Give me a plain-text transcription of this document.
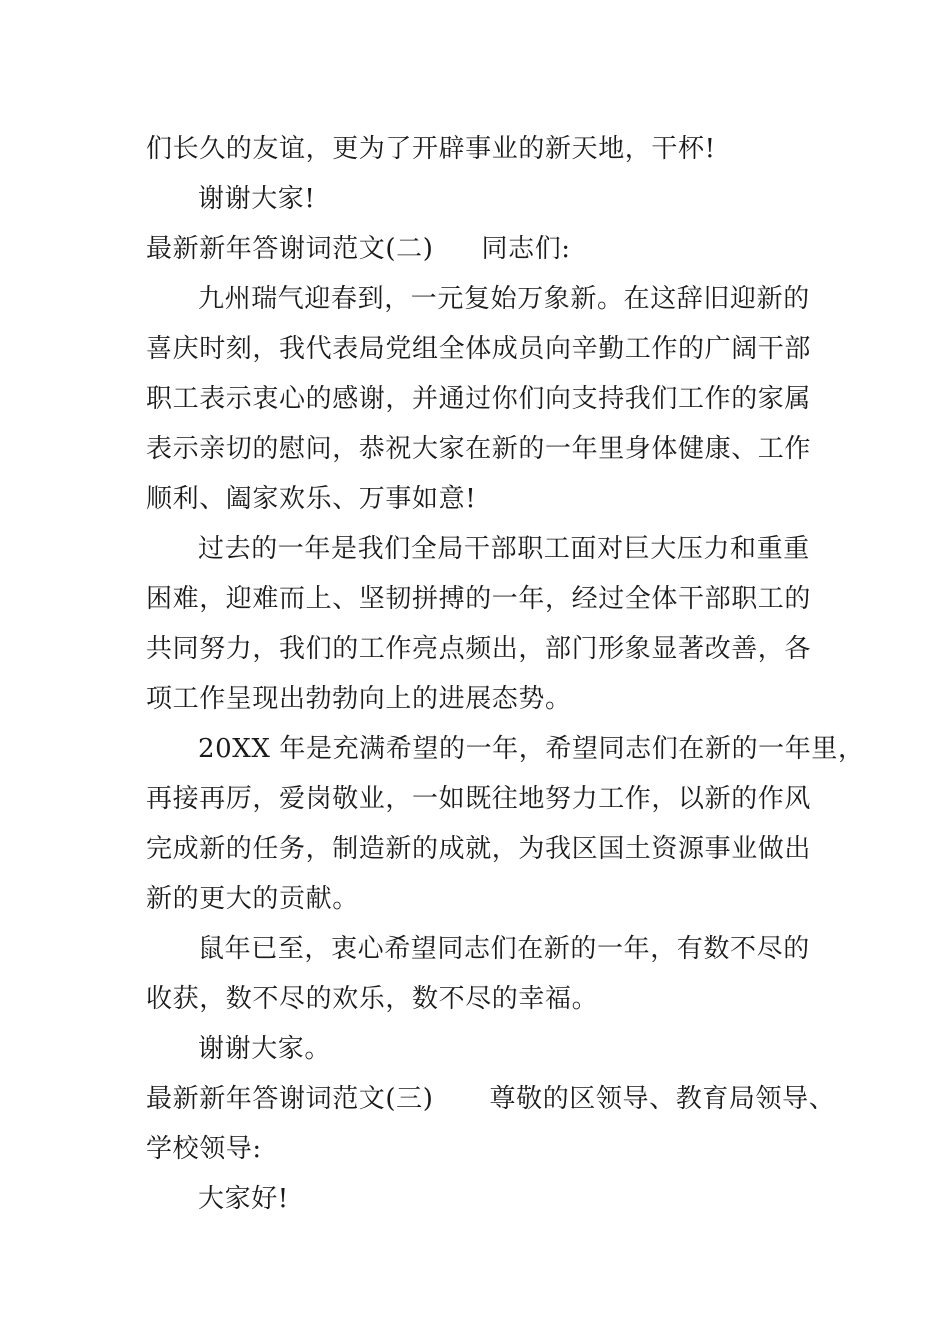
们长久的友谊，更为了开辟事业的新天地，干杯!
谢谢大家!
最新新年答谢词范文(二) 同志们:
九州瑞气迎春到，一元复始万象新。在这辞旧迎新的
喜庆时刻，我代表局党组全体成员向辛勤工作的广阔干部
职工表示衷心的感谢，并通过你们向支持我们工作的家属
表示亲切的慰问，恭祝大家在新的一年里身体健康、工作
顺利、阖家欢乐、万事如意!
过去的一年是我们全局干部职工面对巨大压力和重重
困难，迎难而上、坚韧拼搏的一年，经过全体干部职工的
共同努力，我们的工作亮点频出，部门形象显著改善，各
项工作呈现出勃勃向上的进展态势。
20XX 年是充满希望的一年，希望同志们在新的一年里，
再接再厉，爱岗敬业，一如既往地努力工作，以新的作风
完成新的任务，制造新的成就，为我区国土资源事业做出
新的更大的贡献。
鼠年已至，衷心希望同志们在新的一年，有数不尽的
收获，数不尽的欢乐，数不尽的幸福。
谢谢大家。
最新新年答谢词范文(三) 尊敬的区领导、教育局领导、
学校领导:
大家好!
